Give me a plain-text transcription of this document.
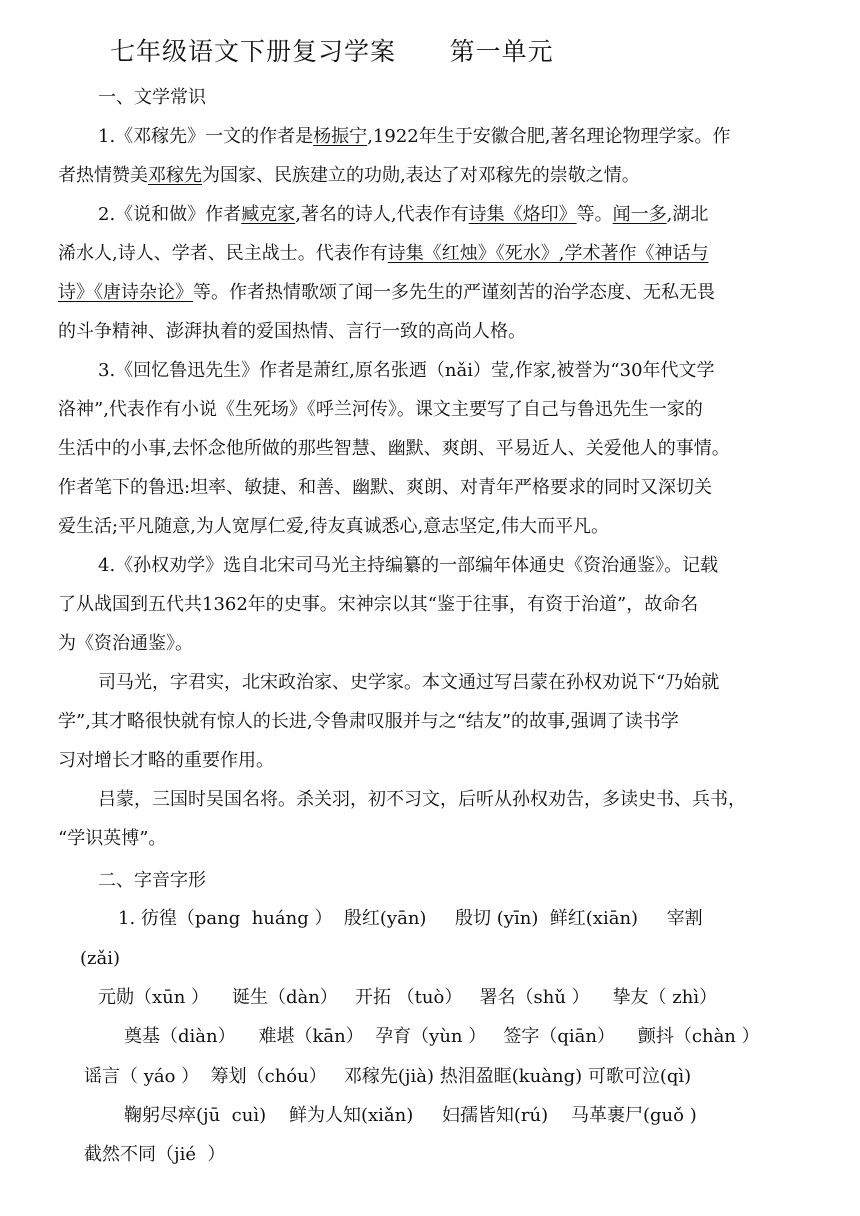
七年级语文下册复习学案      第一单元
一、文学常识
1.《邓稼先》一文的作者是杨振宁,1922年生于安徽合肥,著名理论物理学家。作
者热情赞美邓稼先为国家、民族建立的功勋,表达了对邓稼先的崇敬之情。
2.《说和做》作者臧克家,著名的诗人,代表作有诗集《烙印》等。闻一多,湖北
浠水人,诗人、学者、民主战士。代表作有诗集《红烛》《死水》,学术著作《神话与
诗》《唐诗杂论》等。作者热情歌颂了闻一多先生的严谨刻苦的治学态度、无私无畏
的斗争精神、澎湃执着的爱国热情、言行一致的高尚人格。
3.《回忆鲁迅先生》作者是萧红,原名张迺（nǎi）莹,作家,被誉为“30年代文学
洛神”,代表作有小说《生死场》《呼兰河传》。课文主要写了自己与鲁迅先生一家的
生活中的小事,去怀念他所做的那些智慧、幽默、爽朗、平易近人、关爱他人的事情。
作者笔下的鲁迅:坦率、敏捷、和善、幽默、爽朗、对青年严格要求的同时又深切关
爱生活;平凡随意,为人宽厚仁爱,待友真诚悉心,意志坚定,伟大而平凡。
4.《孙权劝学》选自北宋司马光主持编纂的一部编年体通史《资治通鉴》。记载
了从战国到五代共1362年的史事。宋神宗以其“鉴于往事，有资于治道”，故命名
为《资治通鉴》。
司马光，字君实，北宋政治家、史学家。本文通过写吕蒙在孙权劝说下“乃始就
学”,其才略很快就有惊人的长进,令鲁肃叹服并与之“结友”的故事,强调了读书学
习对增长才略的重要作用。
吕蒙，三国时吴国名将。杀关羽，初不习文，后听从孙权劝告，多读史书、兵书，
“学识英博”。
二、字音字形
1. 彷徨（pang  huáng ）  殷红(yān)     殷切 (yīn)  鲜红(xiān)     宰割
(zǎi)
元勋（xūn ）    诞生（dàn）   开拓 （tuò）   署名（shǔ ）    挚友（ zhì）
奠基（diàn）    难堪（kān）  孕育（yùn ）   签字（qiān）    颤抖（chàn ）
谣言（ yáo ）  筹划（chóu）   邓稼先(jià) 热泪盈眶(kuàng) 可歌可泣(qì)
鞠躬尽瘁(jū  cuì)    鲜为人知(xiǎn)     妇孺皆知(rú)    马革裹尸(guǒ )
截然不同（jié  ）
